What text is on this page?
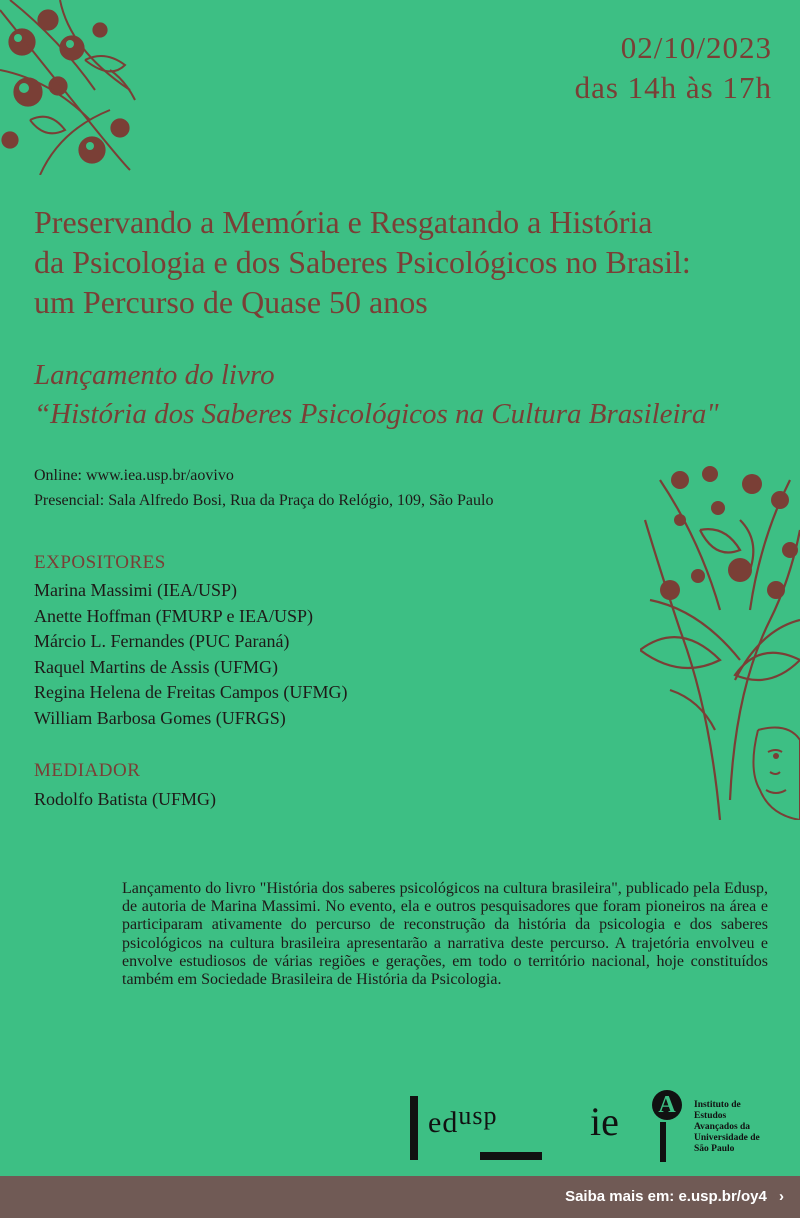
02/10/2023
das 14h às 17h
Preservando a Memória e Resgatando a História
da Psicologia e dos Saberes Psicológicos no Brasil:
um Percurso de Quase 50 anos
Lançamento do livro
“História dos Saberes Psicológicos na Cultura Brasileira"
Online: www.iea.usp.br/aovivo
Presencial: Sala Alfredo Bosi, Rua da Praça do Relógio, 109, São Paulo
EXPOSITORES
Marina Massimi (IEA/USP)
Anette Hoffman (FMURP e IEA/USP)
Márcio L. Fernandes (PUC Paraná)
Raquel Martins de Assis (UFMG)
Regina Helena de Freitas Campos (UFMG)
William Barbosa Gomes (UFRGS)
MEDIADOR
Rodolfo Batista (UFMG)

Lançamento do livro "História dos saberes psicológicos na cultura brasileira", publicado pela Edusp, de autoria de Marina Massimi. No evento, ela e outros pesquisadores que foram pioneiros na área e participaram ativamente do percurso de reconstrução da história da psicologia e dos saberes psicológicos na cultura brasileira apresentarão a narrativa deste percurso. A trajetória envolveu e envolve estudiosos de várias regiões e gerações, em todo o território nacional, hoje constituídos também em Sociedade Brasileira de História da Psicologia.

$ed^{usp}$ ie A	Instituto de
Estudos
Avançados da
Universidade de
São Paulo
Saiba mais em: e.usp.br/oy4 ›
